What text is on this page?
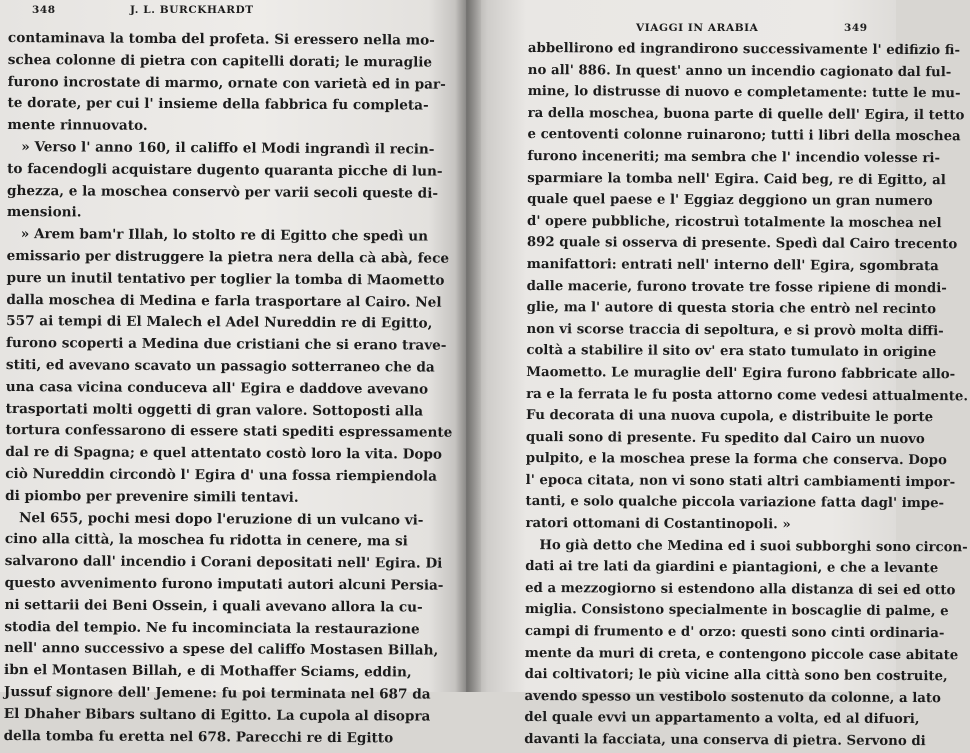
348	J. L. BURCKHARDT
contaminava la tomba del profeta. Si eressero nella mo-
schea colonne di pietra con capitelli dorati; le muraglie
furono incrostate di marmo, ornate con varietà ed in par-
te dorate, per cui l' insieme della fabbrica fu completa-
mente rinnuovato.
» Verso l' anno 160, il califfo el Modi ingrandì il recin-
to facendogli acquistare dugento quaranta picche di lun-
ghezza, e la moschea conservò per varii secoli queste di-
mensioni.
» Arem bam'r Illah, lo stolto re di Egitto che spedì un
emissario per distruggere la pietra nera della cà abà, fece
pure un inutil tentativo per toglier la tomba di Maometto
dalla moschea di Medina e farla trasportare al Cairo. Nel
557 ai tempi di El Malech el Adel Nureddin re di Egitto,
furono scoperti a Medina due cristiani che si erano trave-
stiti, ed avevano scavato un passagio sotterraneo che da
una casa vicina conduceva all' Egira e daddove avevano
trasportati molti oggetti di gran valore. Sottoposti alla
tortura confessarono di essere stati spediti espressamente
dal re di Spagna; e quel attentato costò loro la vita. Dopo
ciò Nureddin circondò l' Egira d' una fossa riempiendola
di piombo per prevenire simili tentavi.
Nel 655, pochi mesi dopo l'eruzione di un vulcano vi-
cino alla città, la moschea fu ridotta in cenere, ma si
salvarono dall' incendio i Corani depositati nell' Egira. Di
questo avvenimento furono imputati autori alcuni Persia-
ni settarii dei Beni Ossein, i quali avevano allora la cu-
stodia del tempio. Ne fu incominciata la restaurazione
nell' anno successivo a spese del califfo Mostasen Billah,
ibn el Montasen Billah, e di Mothaffer Sciams, eddin,
Jussuf signore dell' Jemene: fu poi terminata nel 687 da
El Dhaher Bibars sultano di Egitto. La cupola al disopra
della tomba fu eretta nel 678. Parecchi re di Egitto
VIAGGI IN ARABIA	349
abbellirono ed ingrandirono successivamente l' edifizio fi-
no all' 886. In quest' anno un incendio cagionato dal ful-
mine, lo distrusse di nuovo e completamente: tutte le mu-
ra della moschea, buona parte di quelle dell' Egira, il tetto
e centoventi colonne ruinarono; tutti i libri della moschea
furono inceneriti; ma sembra che l' incendio volesse ri-
sparmiare la tomba nell' Egira. Caid beg, re di Egitto, al
quale quel paese e l' Eggiaz deggiono un gran numero
d' opere pubbliche, ricostruì totalmente la moschea nel
892 quale si osserva di presente. Spedì dal Cairo trecento
manifattori: entrati nell' interno dell' Egira, sgombrata
dalle macerie, furono trovate tre fosse ripiene di mondi-
glie, ma l' autore di questa storia che entrò nel recinto
non vi scorse traccia di sepoltura, e si provò molta diffi-
coltà a stabilire il sito ov' era stato tumulato in origine
Maometto. Le muraglie dell' Egira furono fabbricate allo-
ra e la ferrata le fu posta attorno come vedesi attualmente.
Fu decorata di una nuova cupola, e distribuite le porte
quali sono di presente. Fu spedito dal Cairo un nuovo
pulpito, e la moschea prese la forma che conserva. Dopo
l' epoca citata, non vi sono stati altri cambiamenti impor-
tanti, e solo qualche piccola variazione fatta dagl' impe-
ratori ottomani di Costantinopoli. »
Ho già detto che Medina ed i suoi subborghi sono circon-
dati ai tre lati da giardini e piantagioni, e che a levante
ed a mezzogiorno si estendono alla distanza di sei ed otto
miglia. Consistono specialmente in boscaglie di palme, e
campi di frumento e d' orzo: questi sono cinti ordinaria-
mente da muri di creta, e contengono piccole case abitate
dai coltivatori; le più vicine alla città sono ben costruite,
avendo spesso un vestibolo sostenuto da colonne, a lato
del quale evvi un appartamento a volta, ed al difuori,
davanti la facciata, una conserva di pietra. Servono di
